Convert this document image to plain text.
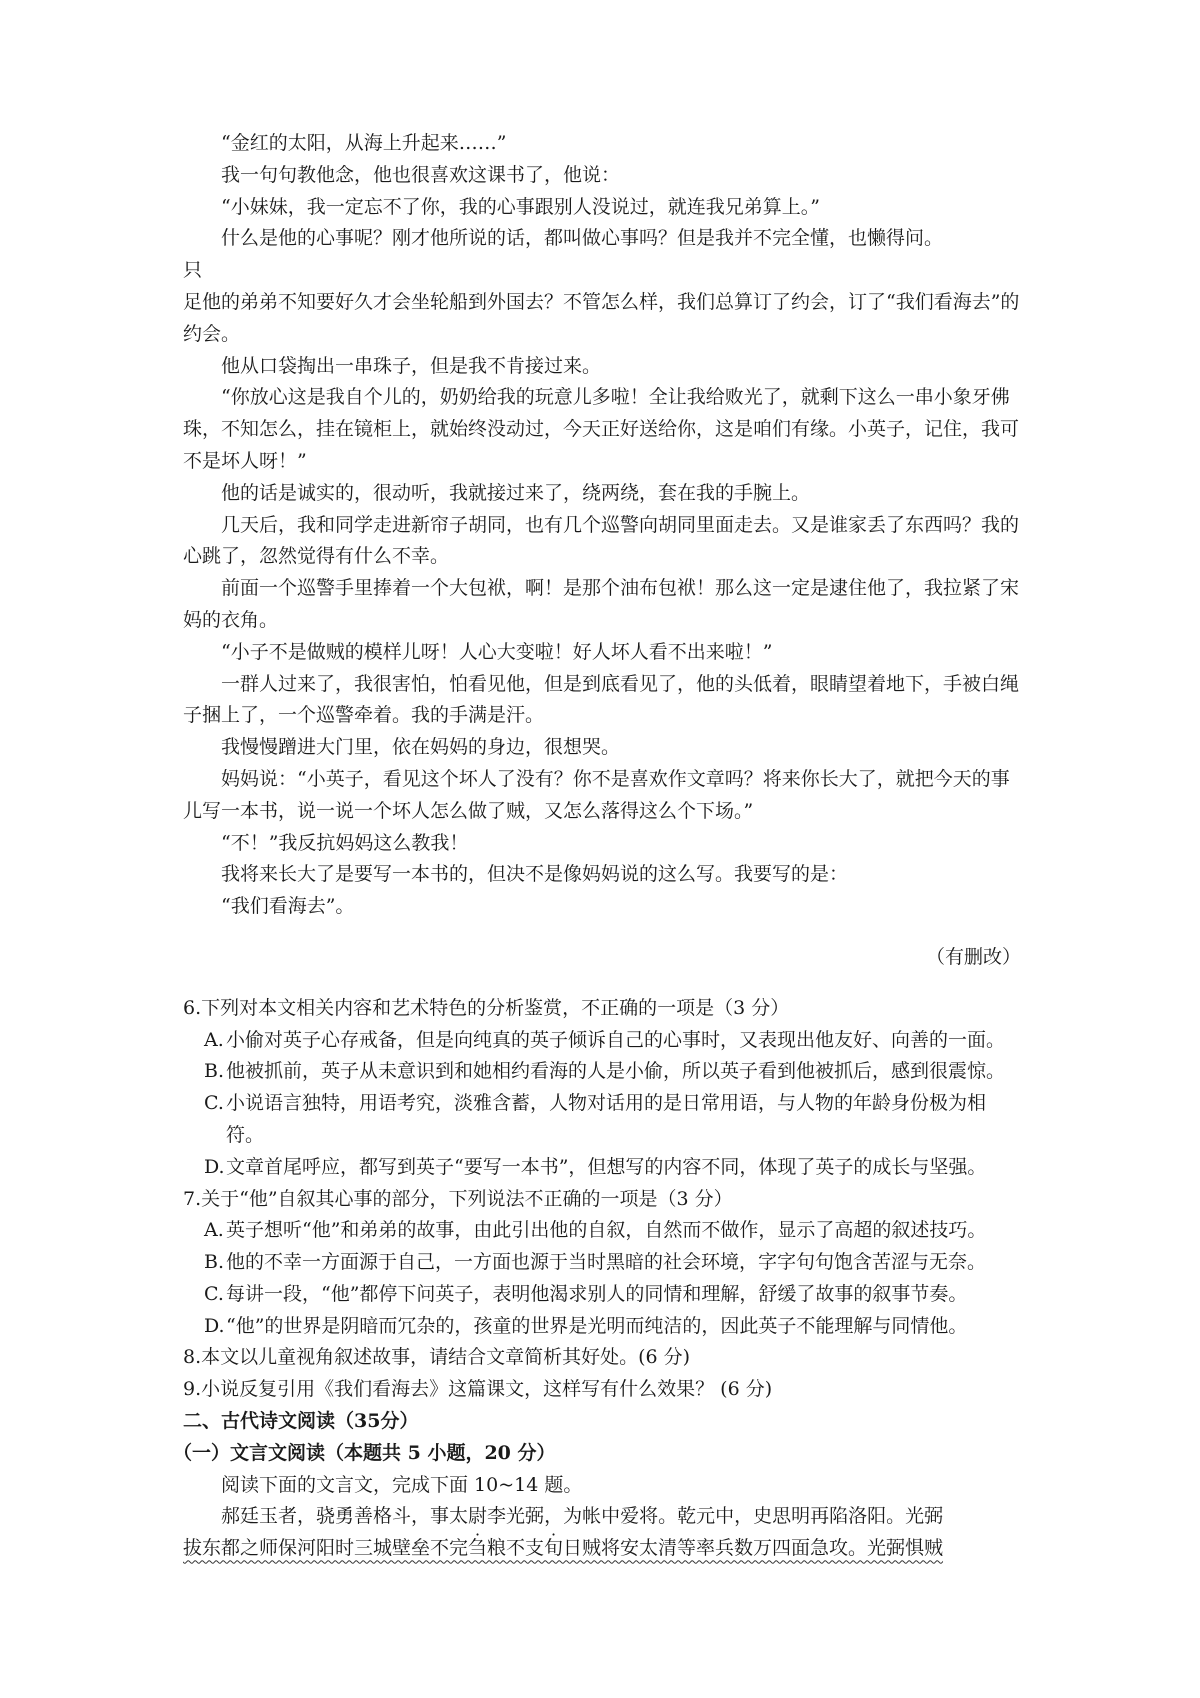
“金红的太阳，从海上升起来……”

我一句句教他念，他也很喜欢这课书了，他说：

“小妹妹，我一定忘不了你，我的心事跟别人没说过，就连我兄弟算上。”

什么是他的心事呢？刚才他所说的话，都叫做心事吗？但是我并不完全懂，也懒得问。

只

足他的弟弟不知要好久才会坐轮船到外国去？不管怎么样，我们总算订了约会，订了“我们看海去”的约会。

他从口袋掏出一串珠子，但是我不肯接过来。

“你放心这是我自个儿的，奶奶给我的玩意儿多啦！全让我给败光了，就剩下这么一串小象牙佛珠，不知怎么，挂在镜柜上，就始终没动过，今天正好送给你，这是咱们有缘。小英子，记住，我可不是坏人呀！”

他的话是诚实的，很动听，我就接过来了，绕两绕，套在我的手腕上。

几天后，我和同学走进新帘子胡同，也有几个巡警向胡同里面走去。又是谁家丢了东西吗？我的心跳了，忽然觉得有什么不幸。

前面一个巡警手里捧着一个大包袱，啊！是那个油布包袱！那么这一定是逮住他了，我拉紧了宋妈的衣角。

“小子不是做贼的模样儿呀！人心大变啦！好人坏人看不出来啦！”

一群人过来了，我很害怕，怕看见他，但是到底看见了，他的头低着，眼睛望着地下，手被白绳子捆上了，一个巡警牵着。我的手满是汗。

我慢慢蹭进大门里，依在妈妈的身边，很想哭。

妈妈说：“小英子，看见这个坏人了没有？你不是喜欢作文章吗？将来你长大了，就把今天的事儿写一本书，说一说一个坏人怎么做了贼，又怎么落得这么个下场。”

“不！”我反抗妈妈这么教我！

我将来长大了是要写一本书的，但决不是像妈妈说的这么写。我要写的是：

“我们看海去”。

（有删改）

6.下列对本文相关内容和艺术特色的分析鉴赏，不正确的一项是（3 分）

A. 小偷对英子心存戒备，但是向纯真的英子倾诉自己的心事时，又表现出他友好、向善的一面。

B. 他被抓前，英子从未意识到和她相约看海的人是小偷，所以英子看到他被抓后，感到很震惊。

C. 小说语言独特，用语考究，淡雅含蓄，人物对话用的是日常用语，与人物的年龄身份极为相符。

D.文章首尾呼应，都写到英子“要写一本书”，但想写的内容不同，体现了英子的成长与坚强。

7.关于“他”自叙其心事的部分，下列说法不正确的一项是（3 分）

A. 英子想听“他”和弟弟的故事，由此引出他的自叙，自然而不做作，显示了高超的叙述技巧。

B. 他的不幸一方面源于自己，一方面也源于当时黑暗的社会环境，字字句句饱含苦涩与无奈。

C. 每讲一段，“他”都停下问英子，表明他渴求别人的同情和理解，舒缓了故事的叙事节奏。

D.“他”的世界是阴暗而冗杂的，孩童的世界是光明而纯洁的，因此英子不能理解与同情他。

8.本文以儿童视角叙述故事，请结合文章简析其好处。(6 分)

9.小说反复引用《我们看海去》这篇课文，这样写有什么效果？ (6 分)

二、古代诗文阅读（35分）

（一）文言文阅读（本题共 5 小题，20 分）

阅读下面的文言文，完成下面 10~14 题。

郝廷玉者，骁勇善格斗，事太尉李光弼，为帐中爱将。乾元中，史思明再陷洛阳。光弼

拔东都之师保河阳时三城壁垒不完刍粮不支旬日贼将安太清等率兵数万四面急攻。光弼惧贼
